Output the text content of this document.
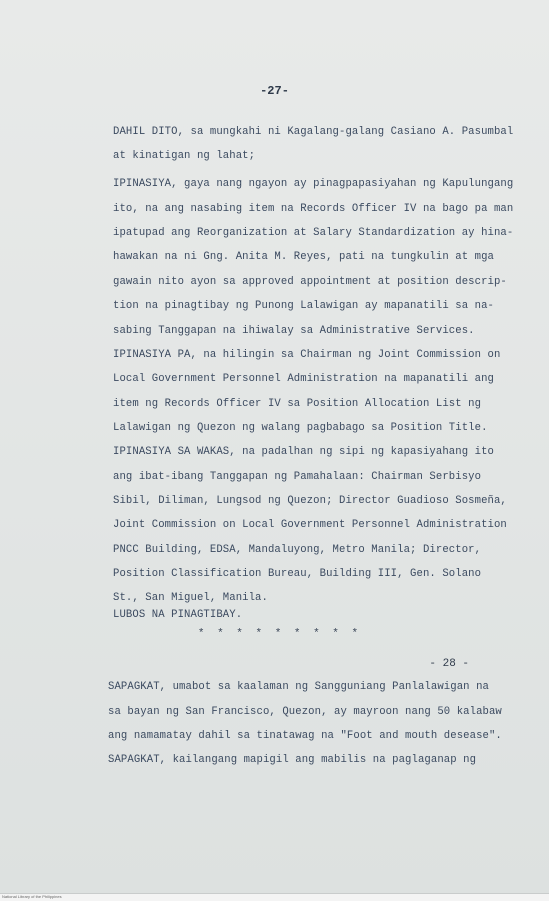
-27-
DAHIL DITO, sa mungkahi ni Kagalang-galang Casiano A. Pasumbal
at kinatigan ng lahat;
IPINASIYA, gaya nang ngayon ay pinagpapasiyahan ng Kapulungang
ito, na ang nasabing item na Records Officer IV na bago pa man
ipatupad ang Reorganization at Salary Standardization ay hina-
hawakan na ni Gng. Anita M. Reyes, pati na tungkulin at mga
gawain nito ayon sa approved appointment at position descrip-
tion na pinagtibay ng Punong Lalawigan ay mapanatili sa na-
sabing Tanggapan na ihiwalay sa Administrative Services.
IPINASIYA PA, na hilingin sa Chairman ng Joint Commission on
Local Government Personnel Administration na mapanatili ang
item ng Records Officer IV sa Position Allocation List ng
Lalawigan ng Quezon ng walang pagbabago sa Position Title.
IPINASIYA SA WAKAS, na padalhan ng sipi ng kapasiyahang ito
ang ibat-ibang Tanggapan ng Pamahalaan: Chairman Serbisyo
Sibil, Diliman, Lungsod ng Quezon; Director Guadioso Sosmeña,
Joint Commission on Local Government Personnel Administration
PNCC Building, EDSA, Mandaluyong, Metro Manila; Director,
Position Classification Bureau, Building III, Gen. Solano
St., San Miguel, Manila.
LUBOS NA PINAGTIBAY.
* * * * * * * * *
- 28 -
SAPAGKAT, umabot sa kaalaman ng Sangguniang Panlalawigan na
sa bayan ng San Francisco, Quezon, ay mayroon nang 50 kalabaw
ang namamatay dahil sa tinatawag na "Foot and mouth desease".
SAPAGKAT, kailangang mapigil ang mabilis na paglaganap ng
National Library of the Philippines
